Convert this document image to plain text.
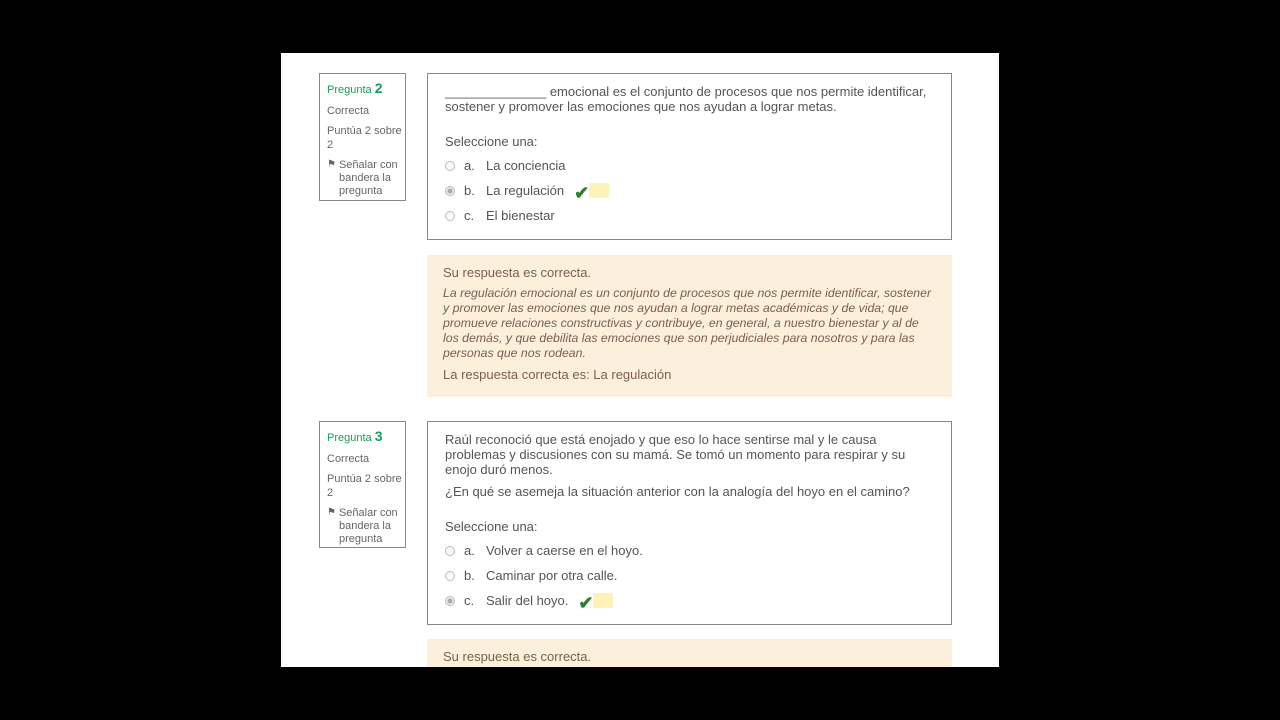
Pregunta 2
Correcta
Puntúa 2 sobre 2
⚑ Señalar con bandera la pregunta

______________ emocional es el conjunto de procesos que nos permite identificar, sostener y promover las emociones que nos ayudan a lograr metas.

Seleccione una:
a. La conciencia
b. La regulación ✔
c. El bienestar
Su respuesta es correcta.
La regulación emocional es un conjunto de procesos que nos permite identificar, sostener y promover las emociones que nos ayudan a lograr metas académicas y de vida; que promueve relaciones constructivas y contribuye, en general, a nuestro bienestar y al de los demás, y que debilita las emociones que son perjudiciales para nosotros y para las personas que nos rodean.
La respuesta correcta es: La regulación
Pregunta 3
Correcta
Puntúa 2 sobre 2
⚑ Señalar con bandera la pregunta

Raúl reconoció que está enojado y que eso lo hace sentirse mal y le causa problemas y discusiones con su mamá. Se tomó un momento para respirar y su enojo duró menos.

¿En qué se asemeja la situación anterior con la analogía del hoyo en el camino?

Seleccione una:
a. Volver a caerse en el hoyo.
b. Caminar por otra calle.
c. Salir del hoyo. ✔
Su respuesta es correcta.
